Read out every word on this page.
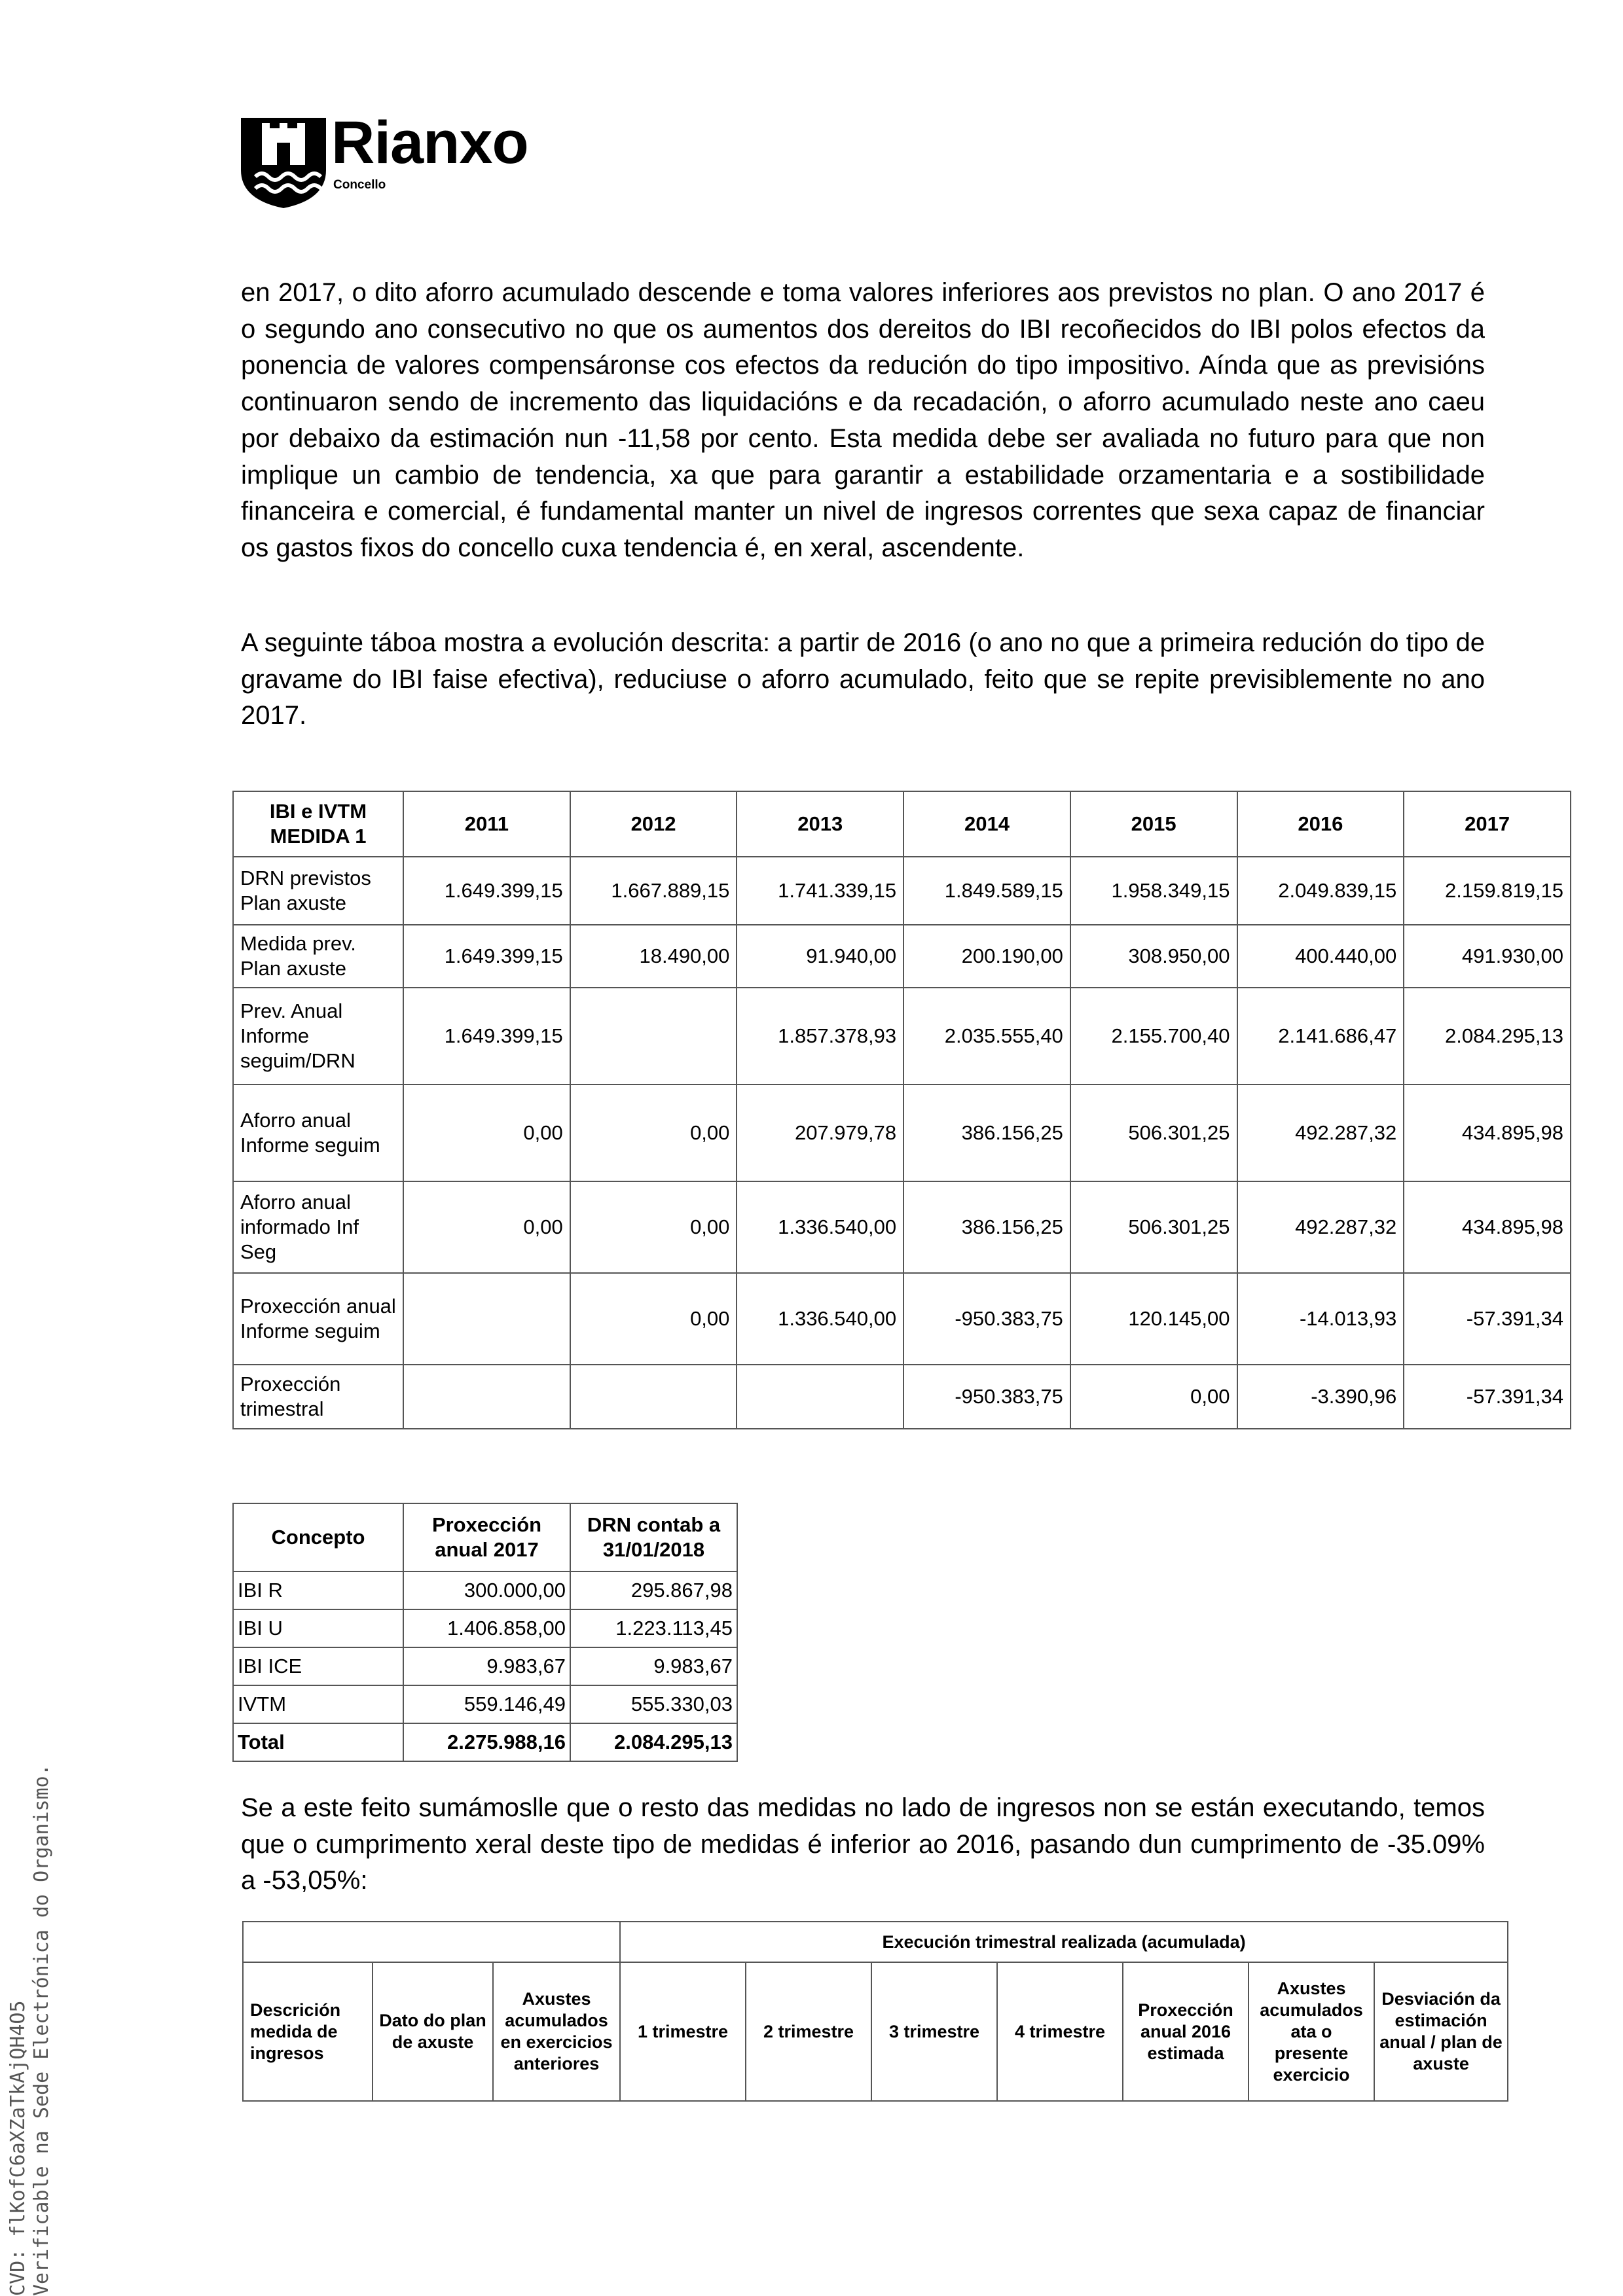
Rianxo
Concello

en 2017, o dito aforro acumulado descende e toma valores inferiores aos previstos no plan. O ano 2017 é o segundo ano consecutivo no que os aumentos dos dereitos do IBI recoñecidos do IBI polos efectos da ponencia de valores compensáronse cos efectos da redución do tipo impositivo. Aínda que as previsións continuaron sendo de incremento das liquidacións e da recadación, o aforro acumulado neste ano caeu por debaixo da estimación nun -11,58 por cento. Esta medida debe ser avaliada no futuro para que non implique un cambio de tendencia, xa que para garantir a estabilidade orzamentaria e a sostibilidade financeira e comercial, é fundamental manter un nivel de ingresos correntes que sexa capaz de financiar os gastos fixos do concello cuxa tendencia é, en xeral, ascendente.

A seguinte táboa mostra a evolución descrita: a partir de 2016 (o ano no que a primeira redución do tipo de gravame do IBI faise efectiva), reduciuse o aforro acumulado, feito que se repite previsiblemente no ano 2017.

IBI e IVTM MEDIDA 1	2011	2012	2013	2014	2015	2016	2017
DRN previstos Plan axuste	1.649.399,15	1.667.889,15	1.741.339,15	1.849.589,15	1.958.349,15	2.049.839,15	2.159.819,15
Medida prev. Plan axuste	1.649.399,15	18.490,00	91.940,00	200.190,00	308.950,00	400.440,00	491.930,00
Prev. Anual Informe seguim/DRN	1.649.399,15		1.857.378,93	2.035.555,40	2.155.700,40	2.141.686,47	2.084.295,13
Aforro anual Informe seguim	0,00	0,00	207.979,78	386.156,25	506.301,25	492.287,32	434.895,98
Aforro anual informado Inf Seg	0,00	0,00	1.336.540,00	386.156,25	506.301,25	492.287,32	434.895,98
Proxección anual Informe seguim		0,00	1.336.540,00	-950.383,75	120.145,00	-14.013,93	-57.391,34
Proxección trimestral				-950.383,75	0,00	-3.390,96	-57.391,34
Concepto	Proxección anual 2017	DRN contab a 31/01/2018
IBI R	300.000,00	295.867,98
IBI U	1.406.858,00	1.223.113,45
IBI ICE	9.983,67	9.983,67
IVTM	559.146,49	555.330,03
Total	2.275.988,16	2.084.295,13

Se a este feito sumámoslle que o resto das medidas no lado de ingresos non se están executando, temos que o cumprimento xeral deste tipo de medidas é inferior ao 2016, pasando dun cumprimento de -35.09% a -53,05%:

			Execución trimestral realizada (acumulada)						
Descrición medida de ingresos	Dato do plan de axuste	Axustes acumulados en exercicios anteriores	1 trimestre	2 trimestre	3 trimestre	4 trimestre	Proxección anual 2016 estimada	Axustes acumulados ata o presente exercicio	Desviación da estimación anual / plan de axuste
CVD: flKofC6aXZaTkAjQH4O5 Verificable na Sede Electrónica do Organismo.
